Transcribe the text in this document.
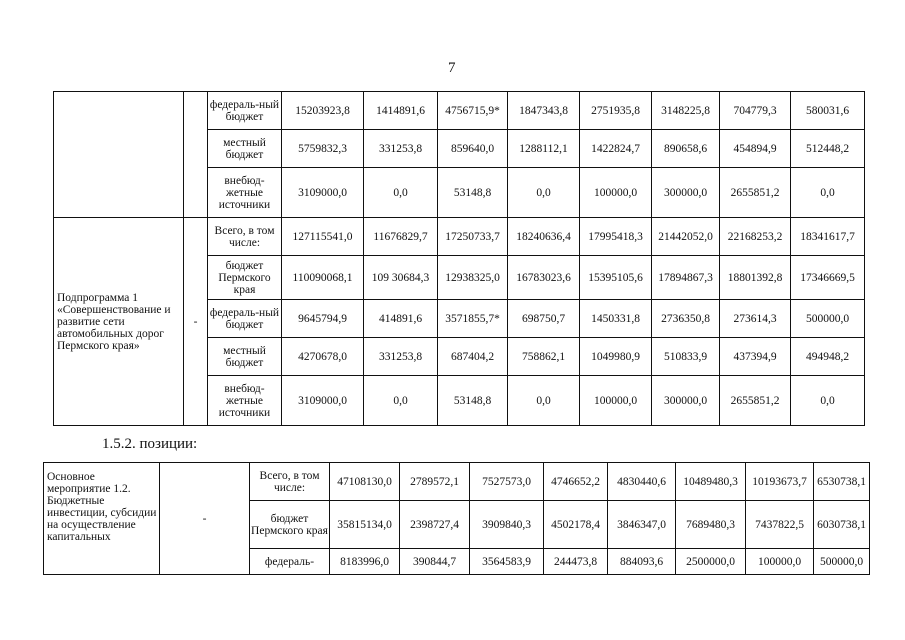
7
		федераль-ный бюджет	15203923,8	1414891,6	4756715,9*	1847343,8	2751935,8	3148225,8	704779,3	580031,6
		местный бюджет	5759832,3	331253,8	859640,0	1288112,1	1422824,7	890658,6	454894,9	512448,2
		внебюд-жетные источники	3109000,0	0,0	53148,8	0,0	100000,0	300000,0	2655851,2	0,0
Подпрограмма 1 «Совершенствование и развитие сети автомобильных дорог Пермского края»	-	Всего, в том числе:	127115541,0	11676829,7	17250733,7	18240636,4	17995418,3	21442052,0	22168253,2	18341617,7
		бюджет Пермского края	110090068,1	109 30684,3	12938325,0	16783023,6	15395105,6	17894867,3	18801392,8	17346669,5
		федераль-ный бюджет	9645794,9	414891,6	3571855,7*	698750,7	1450331,8	2736350,8	273614,3	500000,0
		местный бюджет	4270678,0	331253,8	687404,2	758862,1	1049980,9	510833,9	437394,9	494948,2
		внебюд-жетные источники	3109000,0	0,0	53148,8	0,0	100000,0	300000,0	2655851,2	0,0
1.5.2. позиции:
Основное мероприятие 1.2. Бюджетные инвестиции, субсидии на осуществление капитальных	-	Всего, в том числе:	47108130,0	2789572,1	7527573,0	4746652,2	4830440,6	10489480,3	10193673,7	6530738,1
		бюджет Пермского края	35815134,0	2398727,4	3909840,3	4502178,4	3846347,0	7689480,3	7437822,5	6030738,1
		федераль-	8183996,0	390844,7	3564583,9	244473,8	884093,6	2500000,0	100000,0	500000,0
